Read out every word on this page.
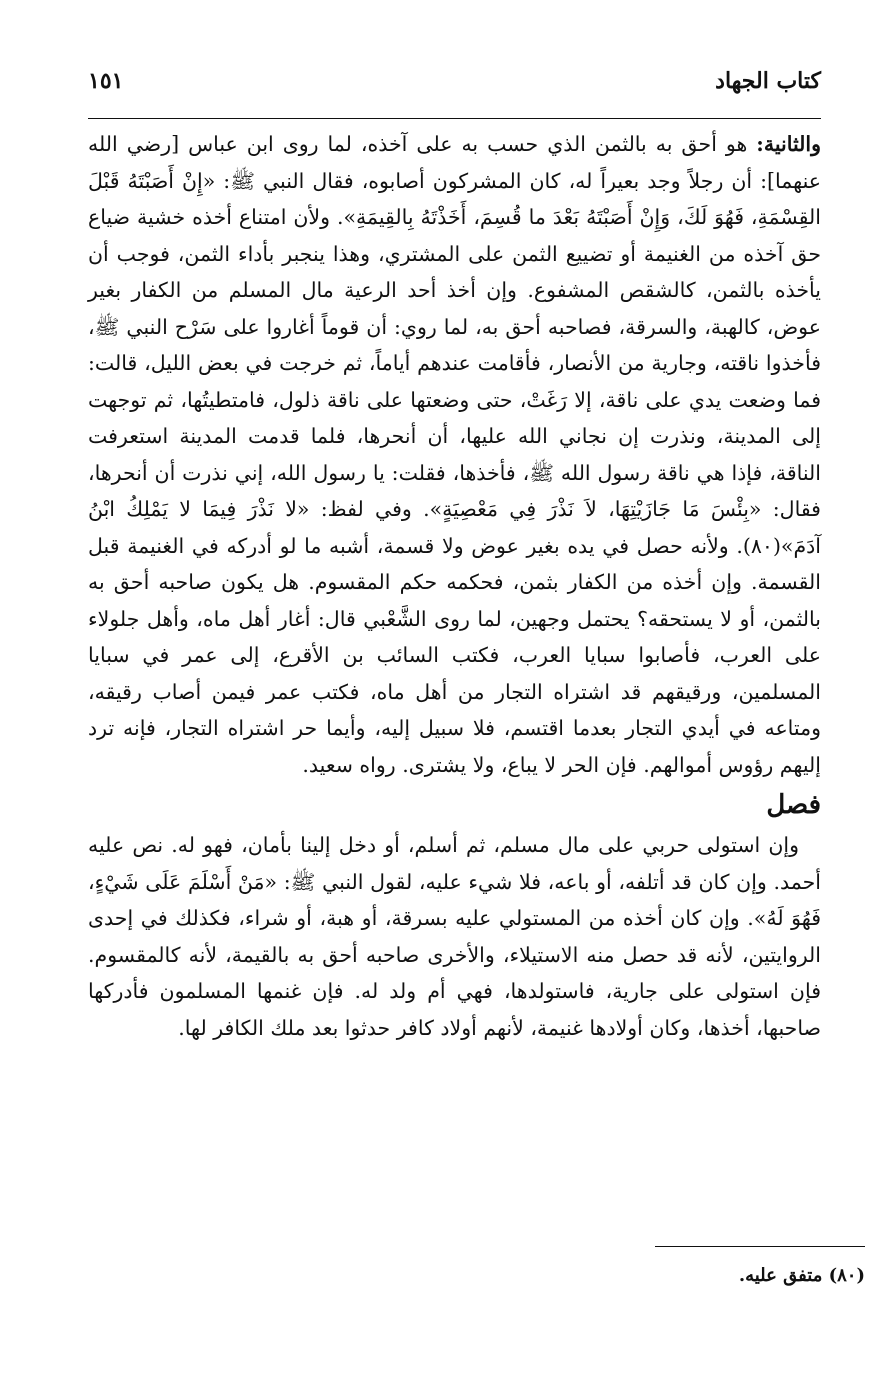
كتاب الجهاد
١٥١

والثانية: هو أحق به بالثمن الذي حسب به على آخذه، لما روى ابن عباس [رضي الله عنهما]: أن رجلاً وجد بعيراً له، كان المشركون أصابوه، فقال النبي ﷺ: «إِنْ أَصَبْتَهُ قَبْلَ القِسْمَةِ، فَهُوَ لَكَ، وَإِنْ أَصَبْتَهُ بَعْدَ ما قُسِمَ، أَخَذْتَهُ بِالقِيمَةِ». ولأن امتناع أخذه خشية ضياع حق آخذه من الغنيمة أو تضييع الثمن على المشتري، وهذا ينجبر بأداء الثمن، فوجب أن يأخذه بالثمن، كالشقص المشفوع. وإن أخذ أحد الرعية مال المسلم من الكفار بغير عوض، كالهبة، والسرقة، فصاحبه أحق به، لما روي: أن قوماً أغاروا على سَرْح النبي ﷺ، فأخذوا ناقته، وجارية من الأنصار، فأقامت عندهم أياماً، ثم خرجت في بعض الليل، قالت: فما وضعت يدي على ناقة، إلا رَغَتْ، حتى وضعتها على ناقة ذلول، فامتطيتُها، ثم توجهت إلى المدينة، ونذرت إن نجاني الله عليها، أن أنحرها، فلما قدمت المدينة استعرفت الناقة، فإذا هي ناقة رسول الله ﷺ، فأخذها، فقلت: يا رسول الله، إني نذرت أن أنحرها، فقال: «بِئْسَ مَا جَازَيْتِهَا، لاَ نَذْرَ فِي مَعْصِيَةٍ». وفي لفظ: «لا نَذْرَ فِيمَا لا يَمْلِكُ ابْنُ آدَمَ»(٨٠). ولأنه حصل في يده بغير عوض ولا قسمة، أشبه ما لو أدركه في الغنيمة قبل القسمة. وإن أخذه من الكفار بثمن، فحكمه حكم المقسوم. هل يكون صاحبه أحق به بالثمن، أو لا يستحقه؟ يحتمل وجهين، لما روى الشَّعْبي قال: أغار أهل ماه، وأهل جلولاء على العرب، فأصابوا سبايا العرب، فكتب السائب بن الأقرع، إلى عمر في سبايا المسلمين، ورقيقهم قد اشتراه التجار من أهل ماه، فكتب عمر فيمن أصاب رقيقه، ومتاعه في أيدي التجار بعدما اقتسم، فلا سبيل إليه، وأيما حر اشتراه التجار، فإنه ترد إليهم رؤوس أموالهم. فإن الحر لا يباع، ولا يشترى. رواه سعيد.

فصل

وإن استولى حربي على مال مسلم، ثم أسلم، أو دخل إلينا بأمان، فهو له. نص عليه أحمد. وإن كان قد أتلفه، أو باعه، فلا شيء عليه، لقول النبي ﷺ: «مَنْ أَسْلَمَ عَلَى شَيْءٍ، فَهُوَ لَهُ». وإن كان أخذه من المستولي عليه بسرقة، أو هبة، أو شراء، فكذلك في إحدى الروايتين، لأنه قد حصل منه الاستيلاء، والأخرى صاحبه أحق به بالقيمة، لأنه كالمقسوم. فإن استولى على جارية، فاستولدها، فهي أم ولد له. فإن غنمها المسلمون فأدركها صاحبها، أخذها، وكان أولادها غنيمة، لأنهم أولاد كافر حدثوا بعد ملك الكافر لها.

(٨٠) متفق عليه.
